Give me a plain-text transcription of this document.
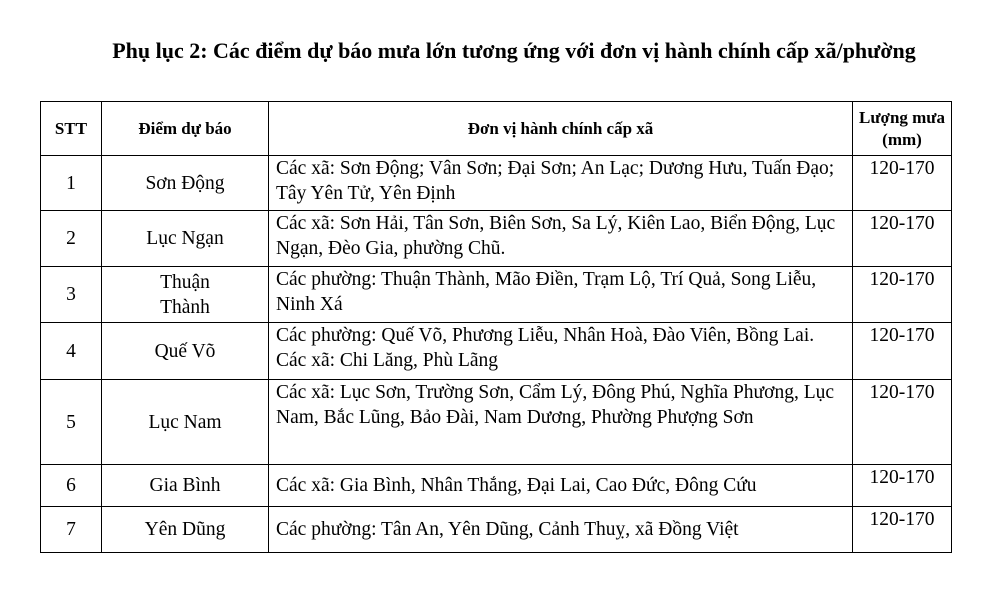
Phụ lục 2: Các điểm dự báo mưa lớn tương ứng với đơn vị hành chính cấp xã/phường
STT	Điểm dự báo	Đơn vị hành chính cấp xã	Lượng mưa (mm)
1	Sơn Động	Các xã: Sơn Động; Vân Sơn; Đại Sơn; An Lạc; Dương Hưu, Tuấn Đạo; Tây Yên Tử, Yên Định	120-170
2	Lục Ngạn	Các xã: Sơn Hải, Tân Sơn, Biên Sơn, Sa Lý, Kiên Lao, Biển Động, Lục Ngạn, Đèo Gia, phường Chũ.	120-170
3	Thuận Thành	Các phường: Thuận Thành, Mão Điền, Trạm Lộ, Trí Quả, Song Liễu, Ninh Xá	120-170
4	Quế Võ	Các phường: Quế Võ, Phương Liễu, Nhân Hoà, Đào Viên, Bồng Lai. Các xã: Chi Lăng, Phù Lãng	120-170
5	Lục Nam	Các xã: Lục Sơn, Trường Sơn, Cẩm Lý, Đông Phú, Nghĩa Phương, Lục Nam, Bắc Lũng, Bảo Đài, Nam Dương, Phường Phượng Sơn	120-170
6	Gia Bình	Các xã: Gia Bình, Nhân Thắng, Đại Lai, Cao Đức, Đông Cứu	120-170
7	Yên Dũng	Các phường: Tân An, Yên Dũng, Cảnh Thuỵ, xã Đồng Việt	120-170
